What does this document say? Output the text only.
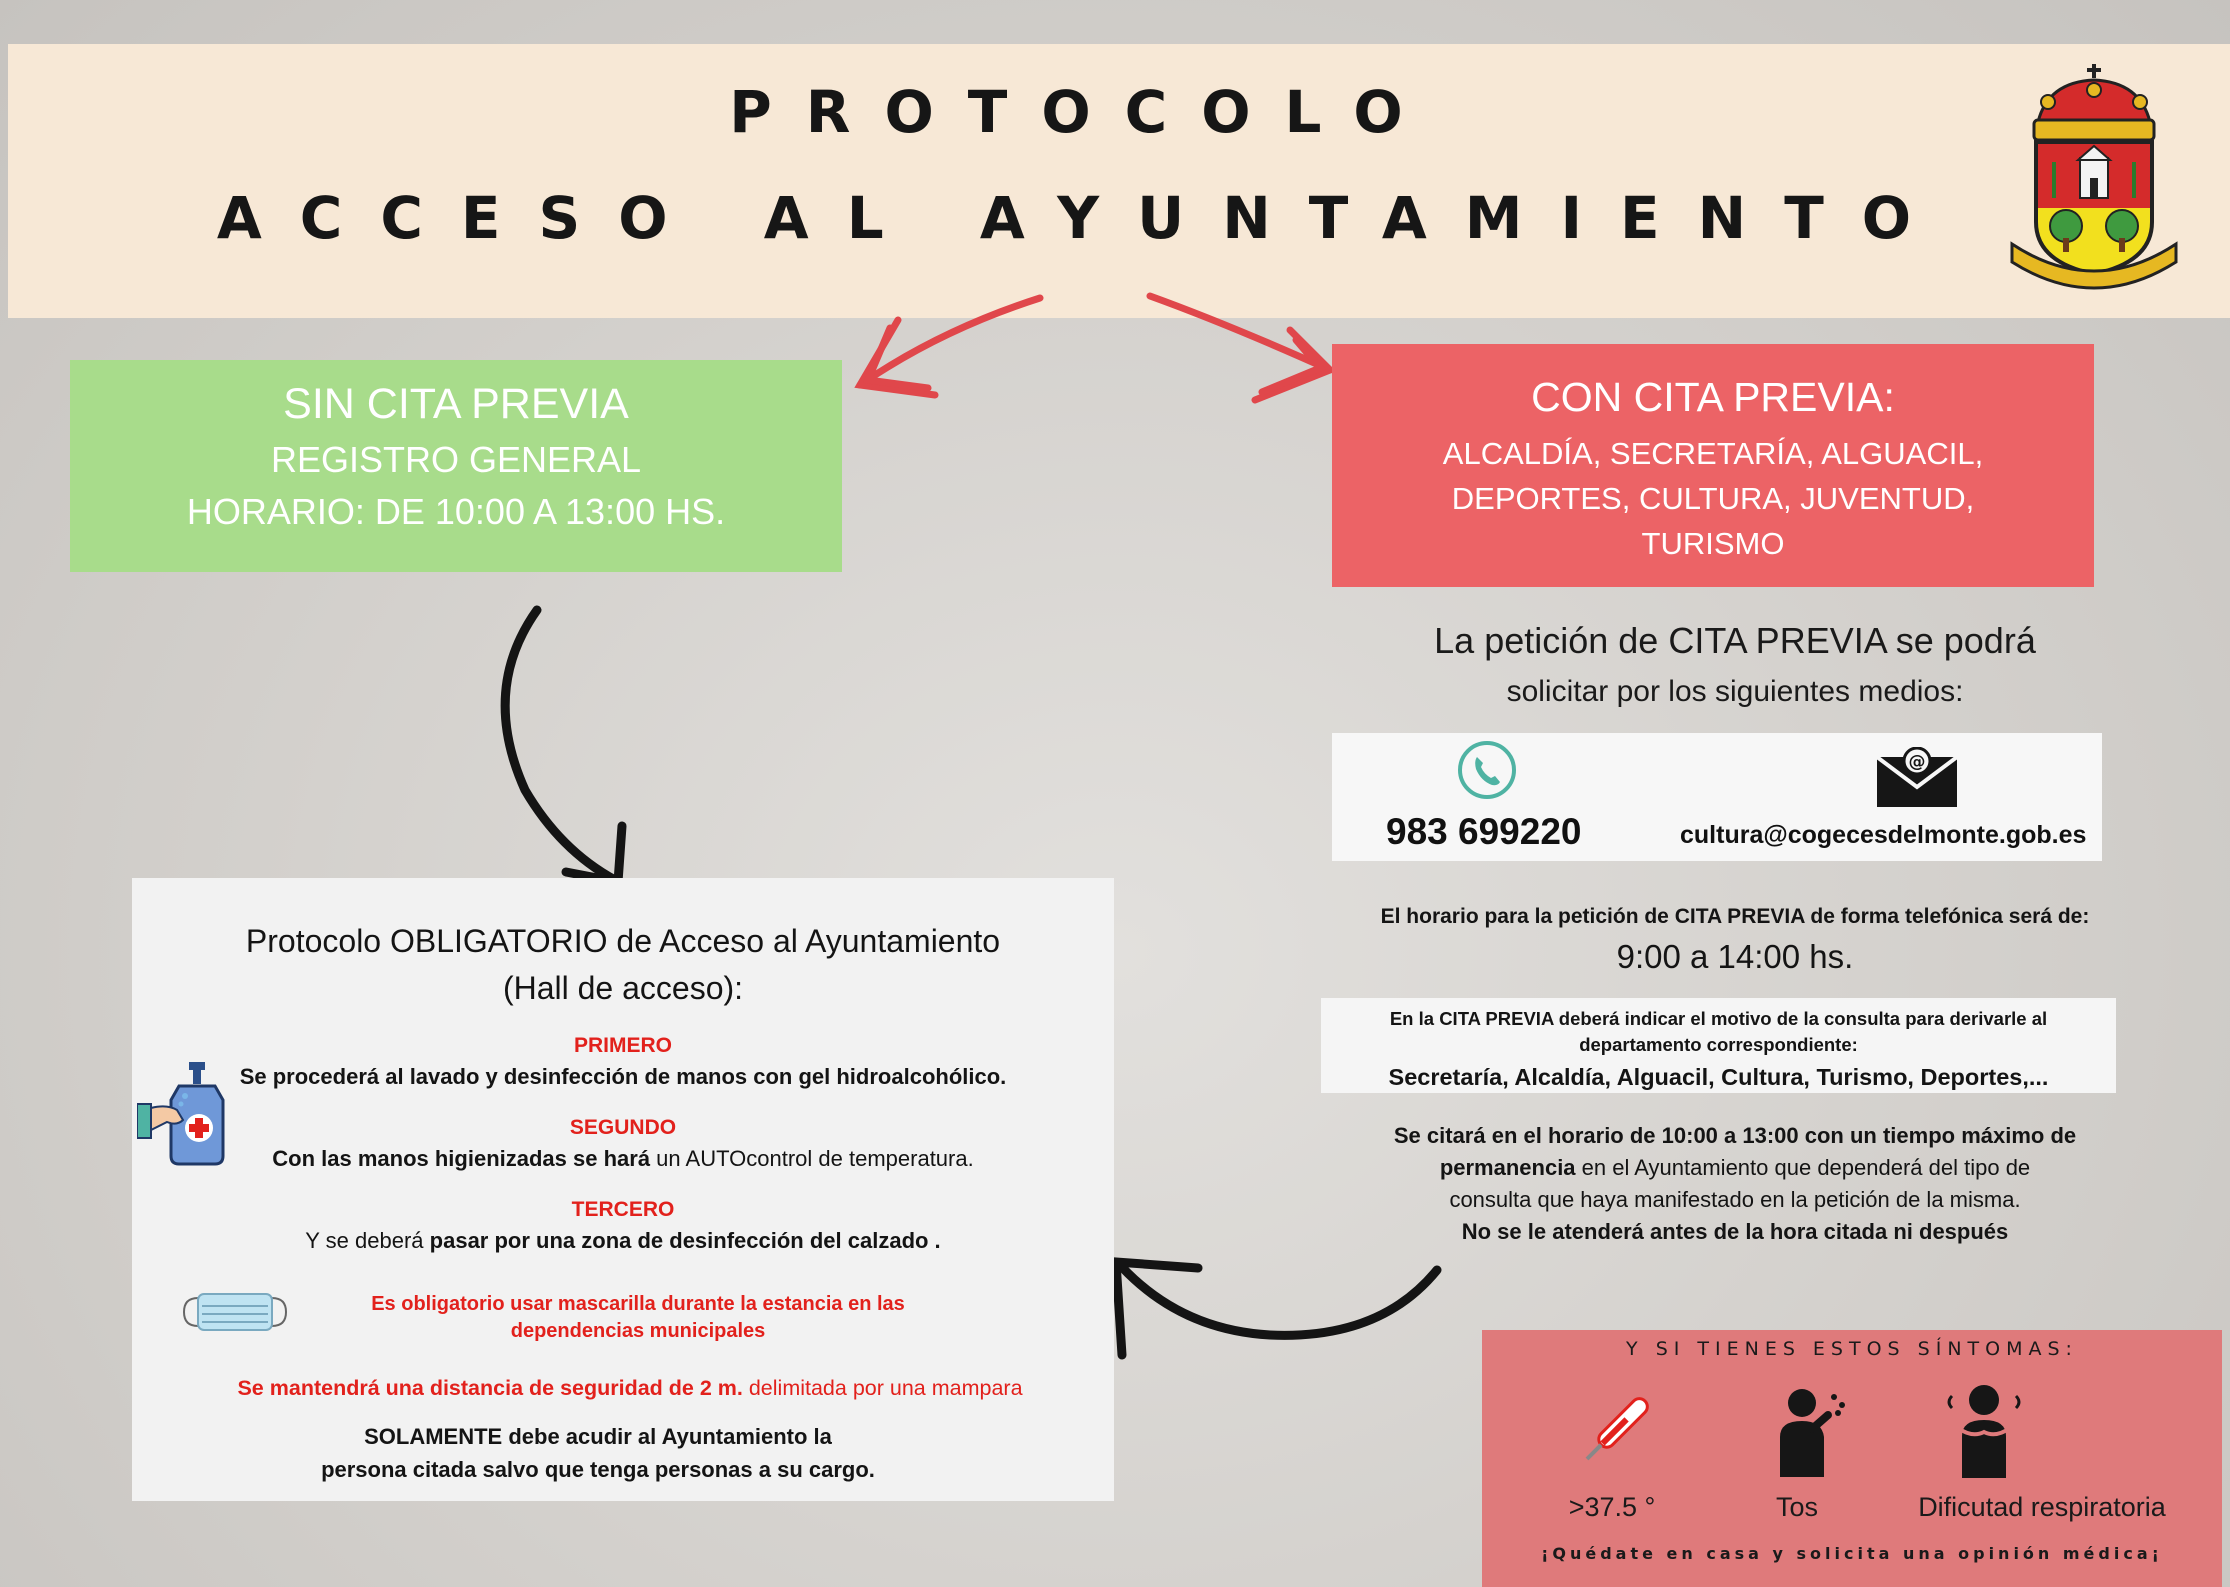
PROTOCOLO
ACCESO AL AYUNTAMIENTO
SIN CITA PREVIA
REGISTRO GENERAL
HORARIO: DE 10:00 A 13:00 HS.
CON CITA PREVIA:
ALCALDÍA, SECRETARÍA, ALGUACIL,
DEPORTES, CULTURA, JUVENTUD,
TURISMO
La petición de CITA PREVIA se podrá
solicitar por los siguientes medios:
983 699220
@
cultura@cogecesdelmonte.gob.es
El horario para la petición de CITA PREVIA de forma telefónica será de:
9:00 a 14:00 hs.
En la CITA PREVIA deberá indicar el motivo de la consulta para derivarle al departamento correspondiente:
Secretaría, Alcaldía, Alguacil, Cultura, Turismo, Deportes,...
Se citará en el horario de 10:00 a 13:00 con un tiempo máximo de
permanencia en el Ayuntamiento que dependerá del tipo de
consulta que haya manifestado en la petición de la misma.
No se le atenderá antes de la hora citada ni después
Protocolo OBLIGATORIO de Acceso al Ayuntamiento
(Hall de acceso):
PRIMERO
Se procederá al lavado y desinfección de manos con gel hidroalcohólico.
SEGUNDO
Con las manos higienizadas se hará un AUTOcontrol de temperatura.
TERCERO
Y se deberá pasar por una zona de desinfección del calzado .
Es obligatorio usar mascarilla durante la estancia en las
dependencias municipales
Se mantendrá una distancia de seguridad de 2 m. delimitada por una mampara
SOLAMENTE debe acudir al Ayuntamiento la
persona citada salvo que tenga personas a su cargo.
Y SI TIENES ESTOS SÍNTOMAS:
>37.5 °	Tos	Dificutad respiratoria
¡Quédate en casa y solicita una opinión médica¡
